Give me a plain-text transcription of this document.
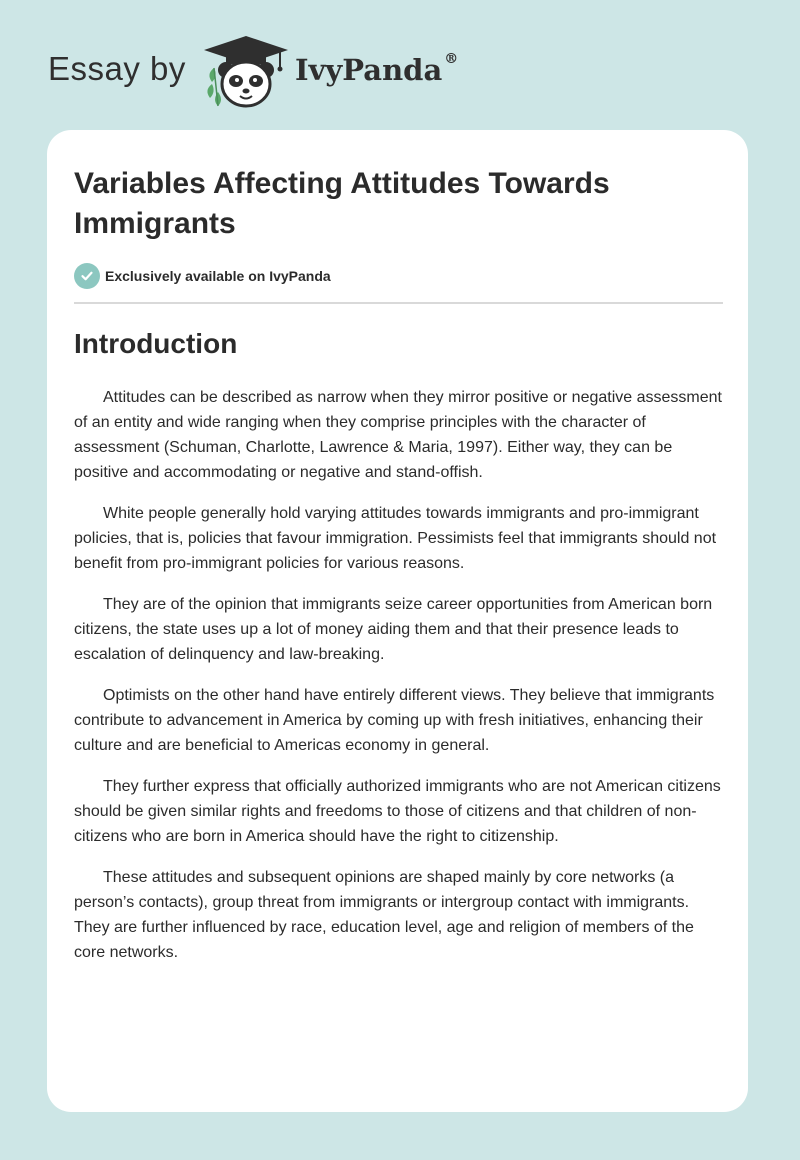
Essay by	IvyPanda ®
Variables Affecting Attitudes Towards Immigrants
Exclusively available on IvyPanda
Introduction

Attitudes can be described as narrow when they mirror positive or negative assessment of an entity and wide ranging when they comprise principles with the character of assessment (Schuman, Charlotte, Lawrence & Maria, 1997). Either way, they can be positive and accommodating or negative and stand-offish.

White people generally hold varying attitudes towards immigrants and pro-immigrant policies, that is, policies that favour immigration. Pessimists feel that immigrants should not benefit from pro-immigrant policies for various reasons.

They are of the opinion that immigrants seize career opportunities from American born citizens, the state uses up a lot of money aiding them and that their presence leads to escalation of delinquency and law-breaking.

Optimists on the other hand have entirely different views. They believe that immigrants contribute to advancement in America by coming up with fresh initiatives, enhancing their culture and are beneficial to Americas economy in general.

They further express that officially authorized immigrants who are not American citizens should be given similar rights and freedoms to those of citizens and that children of non-citizens who are born in America should have the right to citizenship.

These attitudes and subsequent opinions are shaped mainly by core networks (a person’s contacts), group threat from immigrants or intergroup contact with immigrants. They are further influenced by race, education level, age and religion of members of the core networks.
